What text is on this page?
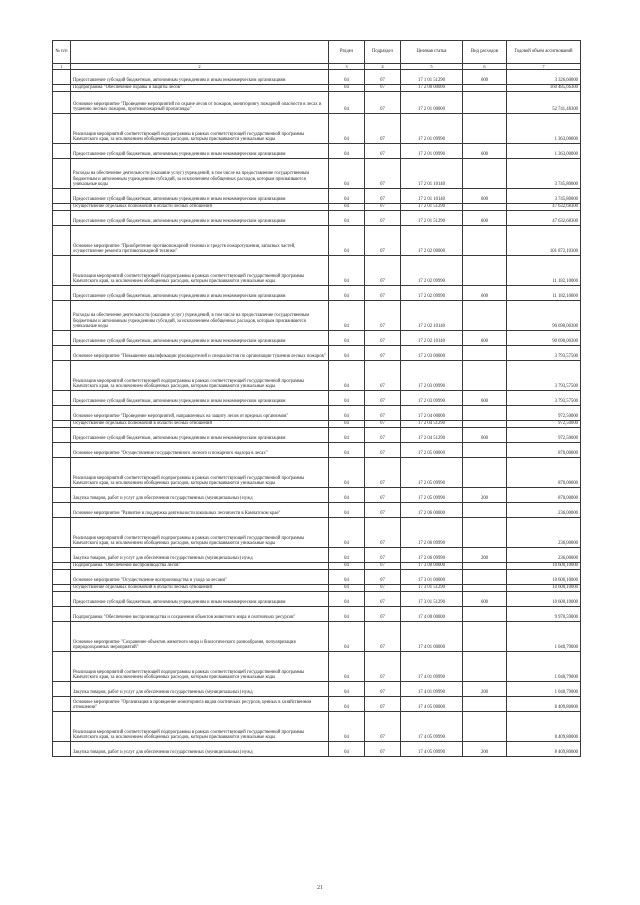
№ п/п		Раздел	Подраздел	Целевая статья	Вид расходов	Годовой объем ассигнований
1	2	3	4	5	6	7
	Предоставление субсидий бюджетным, автономным учреждениям и иным некоммерческим организациям	04	07	17 1 01 51290	600	3 326,60000
	Подпрограмма "Обеспечение охраны и защиты лесов"	04	07	17 2 00 00000		160 485,66300
	Основное мероприятие "Проведение мероприятий по охране лесов от пожаров, мониторингу пожарной опасности в лесах и тушению лесных пожаров, противопожарный пропаганды"	04	07	17 2 01 00000		52 741,48300
	Реализация мероприятий соответствующей подпрограммы в рамках соответствующей государственной программы Камчатского края, за исключением обобщенных расходов, которым присваиваются уникальные коды	04	07	17 2 01 09990		1 363,00000
	Предоставление субсидий бюджетным, автономным учреждениям и иным некоммерческим организациям	04	07	17 2 01 09990	600	1 363,00000
	Расходы на обеспечение деятельности (оказание услуг) учреждений, в том числе на предоставление государственным бюджетным и автономным учреждениям субсидий, за исключением обобщенных расходов, которым присваиваются уникальные коды	04	07	17 2 01 10140		3 745,80000
	Предоставление субсидий бюджетным, автономным учреждениям и иным некоммерческим организациям	04	07	17 2 01 10140	600	3 745,80000
	Осуществление отдельных полномочий в области лесных отношений	04	07	17 2 01 51290		47 632,68300
	Предоставление субсидий бюджетным, автономным учреждениям и иным некоммерческим организациям	04	07	17 2 01 51290	600	47 632,68300
	Основное мероприятие "Приобретение противопожарной техники и средств пожаротушения, запасных частей, осуществление ремонта противопожарной техники"	04	07	17 2 02 00000		101 872,10300
	Реализация мероприятий соответствующей подпрограммы в рамках соответствующей государственной программы Камчатского края, за исключением обобщенных расходов, которым присваиваются уникальные коды	04	07	17 2 02 09990		11 182,10000
	Предоставление субсидий бюджетным, автономным учреждениям и иным некоммерческим организациям	04	07	17 2 02 09990	600	11 182,10000
	Расходы на обеспечение деятельности (оказание услуг) учреждений, в том числе на предоставление государственным бюджетным и автономным учреждениям субсидий, за исключением обобщенных расходов, которым присваиваются уникальные коды	04	07	17 2 02 10140		90 690,00300
	Предоставление субсидий бюджетным, автономным учреждениям и иным некоммерческим организациям	04	07	17 2 02 10140	600	90 690,00300
	Основное мероприятие "Повышение квалификации руководителей и специалистов по организации тушения лесных пожаров"	04	07	17 2 03 00000		3 793,57500
	Реализация мероприятий соответствующей подпрограммы в рамках соответствующей государственной программы Камчатского края, за исключением обобщенных расходов, которым присваиваются уникальные коды	04	07	17 2 03 09990		3 793,57500
	Предоставление субсидий бюджетным, автономным учреждениям и иным некоммерческим организациям	04	07	17 2 03 09990	600	3 793,57500
	Основное мероприятие "Проведение мероприятий, направленных на защиту лесов от вредных организмов"	04	07	17 2 04 00000		972,50000
	Осуществление отдельных полномочий в области лесных отношений	04	07	17 2 04 51290		972,50000
	Предоставление субсидий бюджетным, автономным учреждениям и иным некоммерческим организациям	04	07	17 2 04 51290	600	972,50000
	Основное мероприятие "Осуществление государственного лесного и пожарного надзора в лесах"	04	07	17 2 05 00000		870,00000
	Реализация мероприятий соответствующей подпрограммы в рамках соответствующей государственной программы Камчатского края, за исключением обобщенных расходов, которым присваиваются уникальные коды	04	07	17 2 05 09990		870,00000
	Закупка товаров, работ и услуг для обеспечения государственных (муниципальных) нужд	04	07	17 2 05 09990	200	870,00000
	Основное мероприятие "Развитие и поддержка деятельности школьных лесничеств в Камчатском крае"	04	07	17 2 06 00000		236,00000
	Реализация мероприятий соответствующей подпрограммы в рамках соответствующей государственной программы Камчатского края, за исключением обобщенных расходов, которым присваиваются уникальные коды	04	07	17 2 06 09990		236,00000
	Закупка товаров, работ и услуг для обеспечения государственных (муниципальных) нужд	04	07	17 2 06 09990	200	236,00000
	Подпрограмма "Обеспечение воспроизводства лесов"	04	07	17 3 00 00000		10 600,10000
	Основное мероприятие "Осуществление воспроизводства и ухода за лесами"	04	07	17 3 01 00000		10 600,10000
	Осуществление отдельных полномочий в области лесных отношений	04	07	17 3 01 51290		10 600,10000
	Предоставление субсидий бюджетным, автономным учреждениям и иным некоммерческим организациям	04	07	17 3 01 51290	600	10 600,10000
	Подпрограмма "Обеспечение воспроизводства и сохранения объектов животного мира и охотничьих ресурсов"	04	07	17 4 00 00000		9 970,59000
	Основное мероприятие "Сохранение объектов животного мира и биологического разнообразия, популяризация природоохранных мероприятий"	04	07	17 4 01 00000		1 040,79000
	Реализация мероприятий соответствующей подпрограммы в рамках соответствующей государственной программы Камчатского края, за исключением обобщенных расходов, которым присваиваются уникальные коды	04	07	17 4 01 09990		1 040,79000
	Закупка товаров, работ и услуг для обеспечения государственных (муниципальных) нужд	04	07	17 4 01 09990	200	1 040,79000
	Основное мероприятие "Организация и проведение мониторинга видов охотничьих ресурсов, ценных в хозяйственном отношении"	04	07	17 4 05 00000		8 409,80000
	Реализация мероприятий соответствующей подпрограммы в рамках соответствующей государственной программы Камчатского края, за исключением обобщенных расходов, которым присваиваются уникальные коды	04	07	17 4 05 09990		8 409,80000
	Закупка товаров, работ и услуг для обеспечения государственных (муниципальных) нужд	04	07	17 4 05 09990	200	8 409,80000
21
